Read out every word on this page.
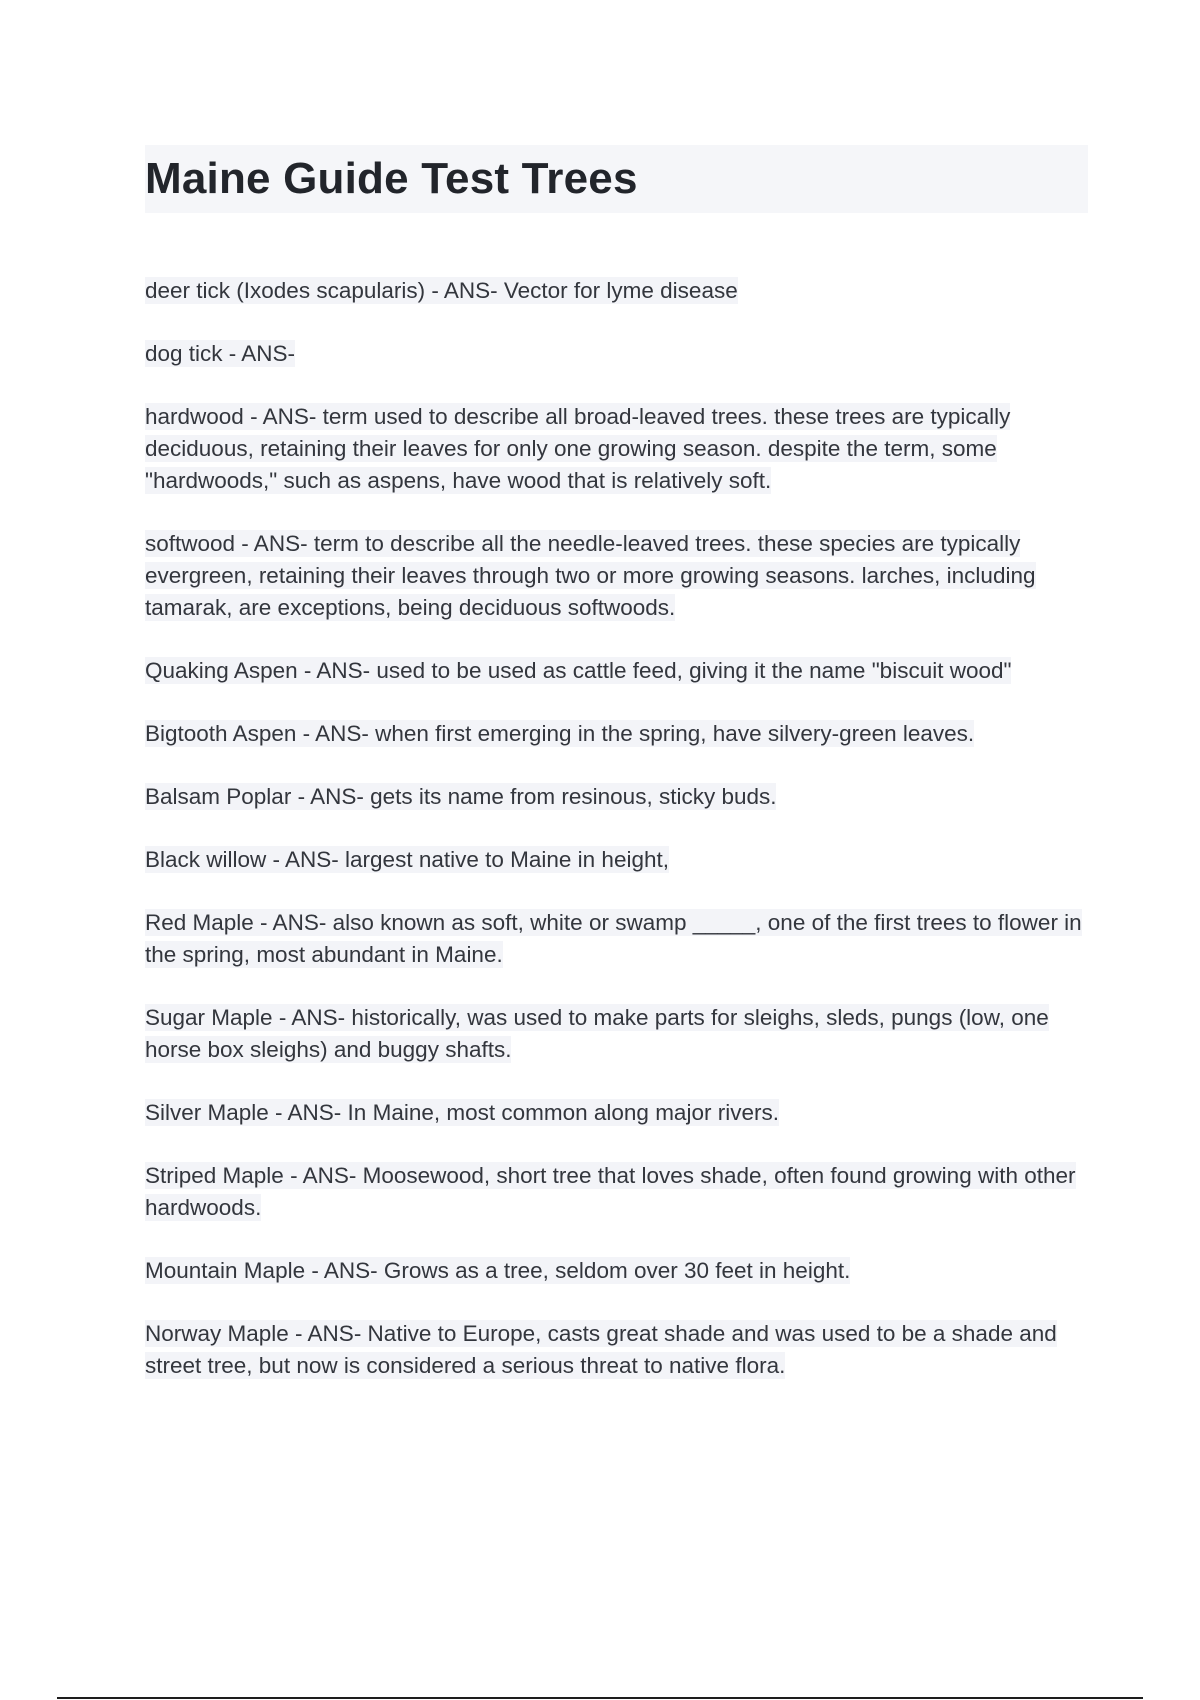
Maine Guide Test Trees
deer tick (Ixodes scapularis) - ANS- Vector for lyme disease
dog tick - ANS-
hardwood - ANS- term used to describe all broad-leaved trees. these trees are typically deciduous, retaining their leaves for only one growing season. despite the term, some "hardwoods," such as aspens, have wood that is relatively soft.
softwood - ANS- term to describe all the needle-leaved trees. these species are typically evergreen, retaining their leaves through two or more growing seasons. larches, including tamarak, are exceptions, being deciduous softwoods.
Quaking Aspen - ANS- used to be used as cattle feed, giving it the name "biscuit wood"
Bigtooth Aspen - ANS- when first emerging in the spring, have silvery-green leaves.
Balsam Poplar - ANS- gets its name from resinous, sticky buds.
Black willow - ANS- largest native to Maine in height,
Red Maple - ANS- also known as soft, white or swamp _____, one of the first trees to flower in the spring, most abundant in Maine.
Sugar Maple - ANS- historically, was used to make parts for sleighs, sleds, pungs (low, one horse box sleighs) and buggy shafts.
Silver Maple - ANS- In Maine, most common along major rivers.
Striped Maple - ANS- Moosewood, short tree that loves shade, often found growing with other hardwoods.
Mountain Maple - ANS- Grows as a tree, seldom over 30 feet in height.
Norway Maple - ANS- Native to Europe, casts great shade and was used to be a shade and street tree, but now is considered a serious threat to native flora.
